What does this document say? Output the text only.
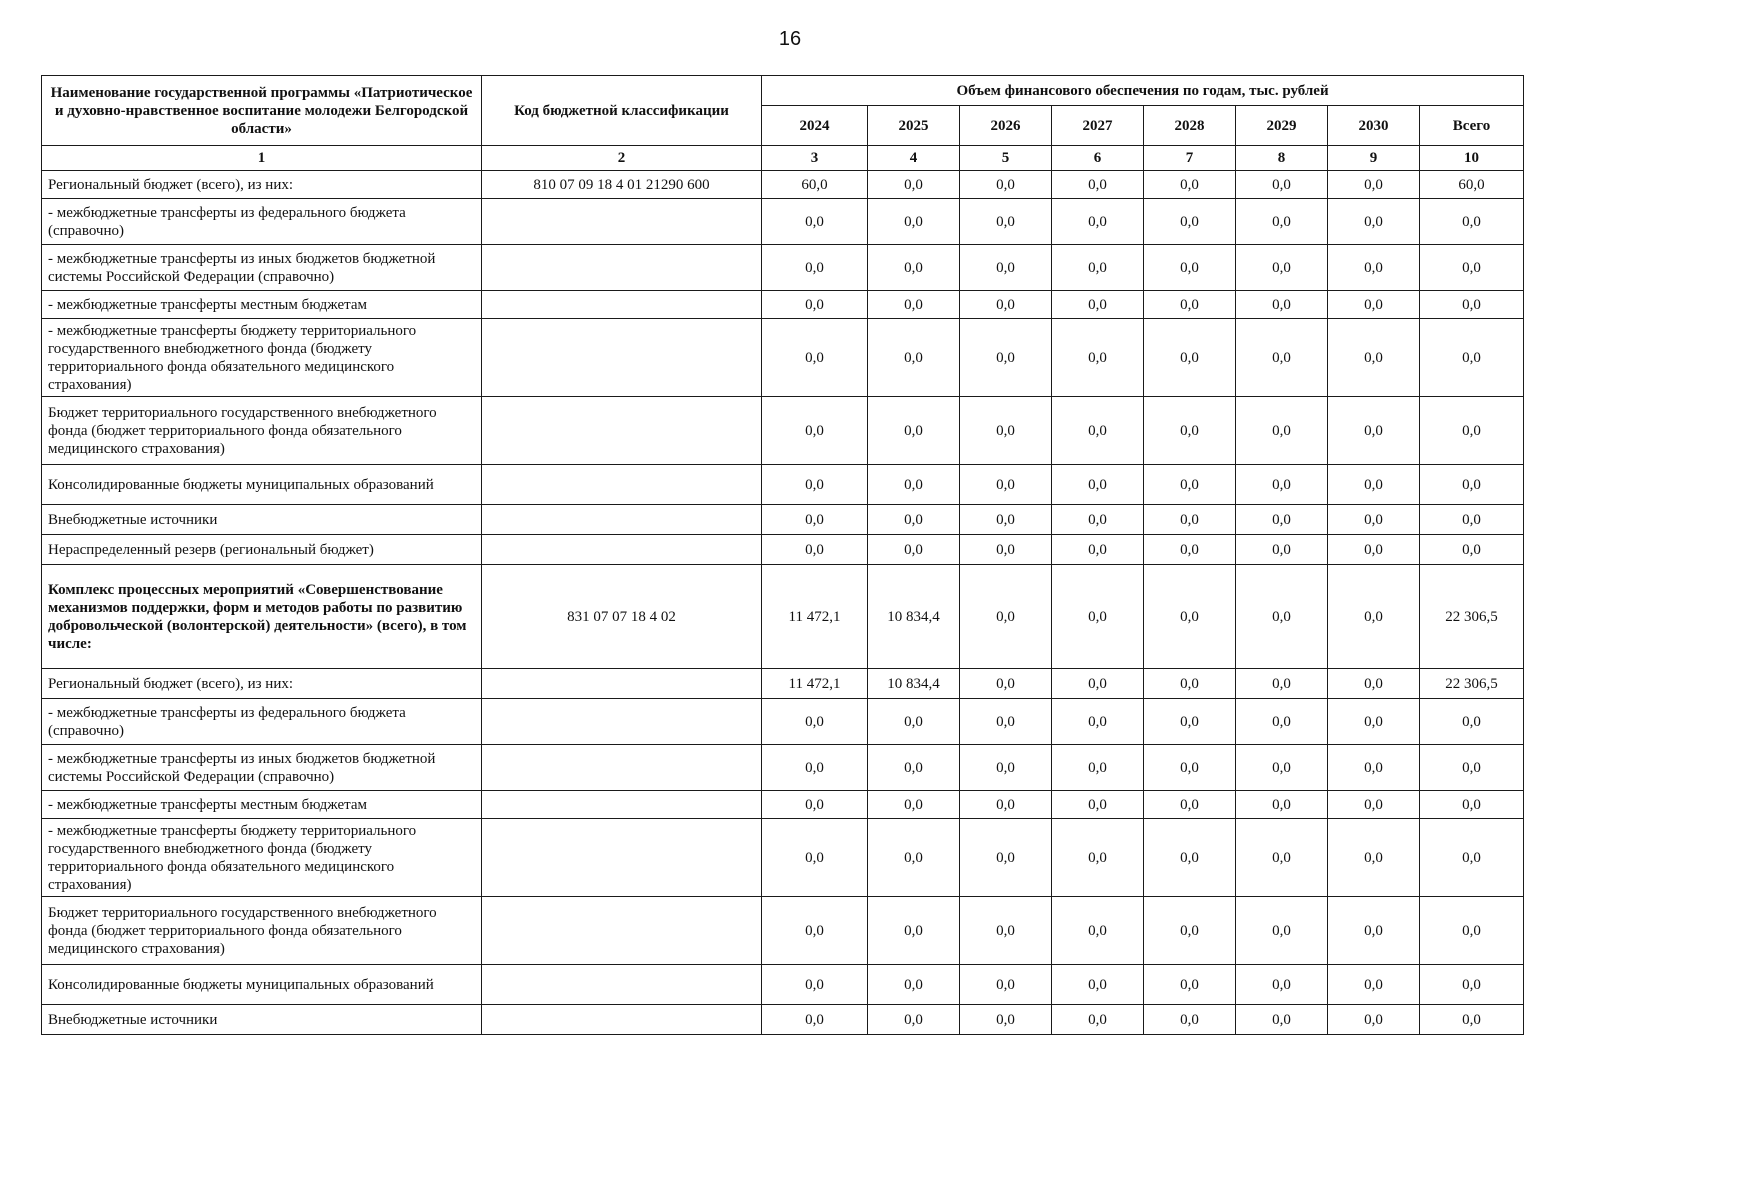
16
Наименование государственной программы «Патриотическое и духовно-нравственное воспитание молодежи Белгородской области»	Код бюджетной классификации	Объем финансового обеспечения по годам, тыс. рублей							
		2024	2025	2026	2027	2028	2029	2030	Всего
1	2	3	4	5	6	7	8	9	10
Региональный бюджет (всего), из них:	810 07 09 18 4 01 21290 600	60,0	0,0	0,0	0,0	0,0	0,0	0,0	60,0
- межбюджетные трансферты из федерального бюджета (справочно)		0,0	0,0	0,0	0,0	0,0	0,0	0,0	0,0
- межбюджетные трансферты из иных бюджетов бюджетной системы Российской Федерации (справочно)		0,0	0,0	0,0	0,0	0,0	0,0	0,0	0,0
- межбюджетные трансферты местным бюджетам		0,0	0,0	0,0	0,0	0,0	0,0	0,0	0,0
- межбюджетные трансферты бюджету территориального государственного внебюджетного фонда (бюджету территориального фонда обязательного медицинского страхования)		0,0	0,0	0,0	0,0	0,0	0,0	0,0	0,0
Бюджет территориального государственного внебюджетного фонда (бюджет территориального фонда обязательного медицинского страхования)		0,0	0,0	0,0	0,0	0,0	0,0	0,0	0,0
Консолидированные бюджеты муниципальных образований		0,0	0,0	0,0	0,0	0,0	0,0	0,0	0,0
Внебюджетные источники		0,0	0,0	0,0	0,0	0,0	0,0	0,0	0,0
Нераспределенный резерв (региональный бюджет)		0,0	0,0	0,0	0,0	0,0	0,0	0,0	0,0
Комплекс процессных мероприятий «Совершенствование механизмов поддержки, форм и методов работы по развитию добровольческой (волонтерской) деятельности» (всего), в том числе:	831 07 07 18 4 02	11 472,1	10 834,4	0,0	0,0	0,0	0,0	0,0	22 306,5
Региональный бюджет (всего), из них:		11 472,1	10 834,4	0,0	0,0	0,0	0,0	0,0	22 306,5
- межбюджетные трансферты из федерального бюджета (справочно)		0,0	0,0	0,0	0,0	0,0	0,0	0,0	0,0
- межбюджетные трансферты из иных бюджетов бюджетной системы Российской Федерации (справочно)		0,0	0,0	0,0	0,0	0,0	0,0	0,0	0,0
- межбюджетные трансферты местным бюджетам		0,0	0,0	0,0	0,0	0,0	0,0	0,0	0,0
- межбюджетные трансферты бюджету территориального государственного внебюджетного фонда (бюджету территориального фонда обязательного медицинского страхования)		0,0	0,0	0,0	0,0	0,0	0,0	0,0	0,0
Бюджет территориального государственного внебюджетного фонда (бюджет территориального фонда обязательного медицинского страхования)		0,0	0,0	0,0	0,0	0,0	0,0	0,0	0,0
Консолидированные бюджеты муниципальных образований		0,0	0,0	0,0	0,0	0,0	0,0	0,0	0,0
Внебюджетные источники		0,0	0,0	0,0	0,0	0,0	0,0	0,0	0,0
